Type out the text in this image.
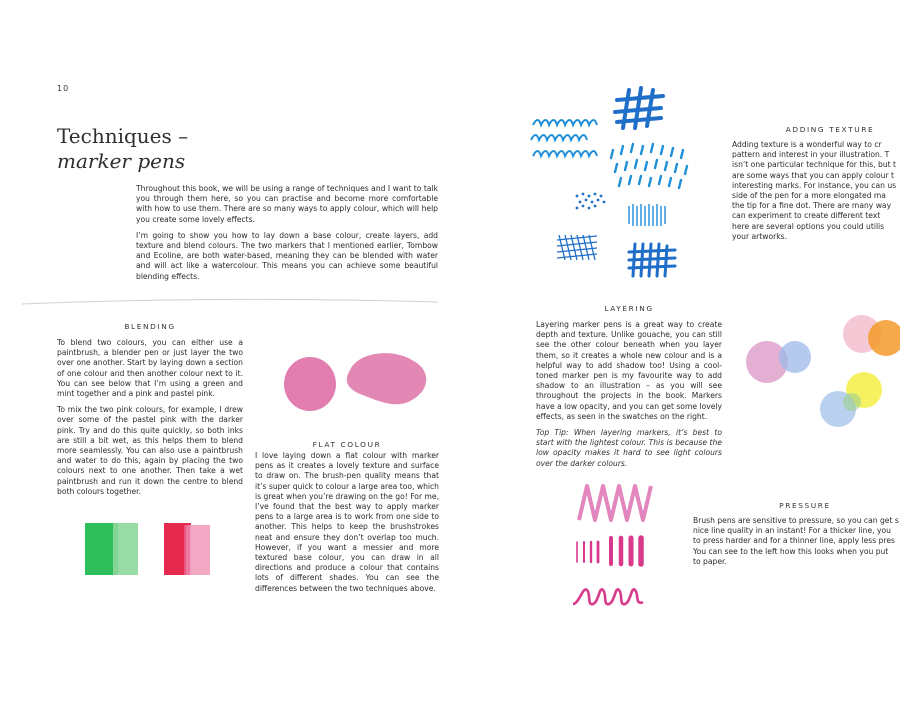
10
Techniques –
marker pens

Throughout this book, we will be using a range of techniques and I want to talk you through them here, so you can practise and become more comfortable with how to use them. There are so many ways to apply colour, which will help you create some lovely effects.

I’m going to show you how to lay down a base colour, create layers, add texture and blend colours. The two markers that I mentioned earlier, Tombow and Ecoline, are both water-based, meaning they can be blended with water and will act like a watercolour. This means you can achieve some beautiful blending effects.

BLENDING

To blend two colours, you can either use a paintbrush, a blender pen or just layer the two over one another. Start by laying down a section of one colour and then another colour next to it. You can see below that I’m using a green and mint together and a pink and pastel pink.

To mix the two pink colours, for example, I drew over some of the pastel pink with the darker pink. Try and do this quite quickly, so both inks are still a bit wet, as this helps them to blend more seamlessly. You can also use a paintbrush and water to do this, again by placing the two colours next to one another. Then take a wet paintbrush and run it down the centre to blend both colours together.

FLAT COLOUR

I love laying down a flat colour with marker pens as it creates a lovely texture and surface to draw on. The brush-pen quality means that it’s super quick to colour a large area too, which is great when you’re drawing on the go! For me, I’ve found that the best way to apply marker pens to a large area is to work from one side to another. This helps to keep the brushstrokes neat and ensure they don’t overlap too much. However, if you want a messier and more textured base colour, you can draw in all directions and produce a colour that contains lots of different shades. You can see the differences between the two techniques above.

ADDING TEXTURE
Adding texture is a wonderful way to cr
pattern and interest in your illustration. T
isn’t one particular technique for this, but t
are some ways that you can apply colour t
interesting marks. For instance, you can us
side of the pen for a more elongated ma
the tip for a fine dot. There are many way
can experiment to create different text
here are several options you could utilis
your artworks.
LAYERING

Layering marker pens is a great way to create depth and texture. Unlike gouache, you can still see the other colour beneath when you layer them, so it creates a whole new colour and is a helpful way to add shadow too! Using a cool-toned marker pen is my favourite way to add shadow to an illustration – as you will see throughout the projects in the book. Markers have a low opacity, and you can get some lovely effects, as seen in the swatches on the right.

Top Tip: When layering markers, it’s best to start with the lightest colour. This is because the low opacity makes it hard to see light colours over the darker colours.

PRESSURE
Brush pens are sensitive to pressure, so you can get s
nice line quality in an instant! For a thicker line, you
to press harder and for a thinner line, apply less pres
You can see to the left how this looks when you put
to paper.
